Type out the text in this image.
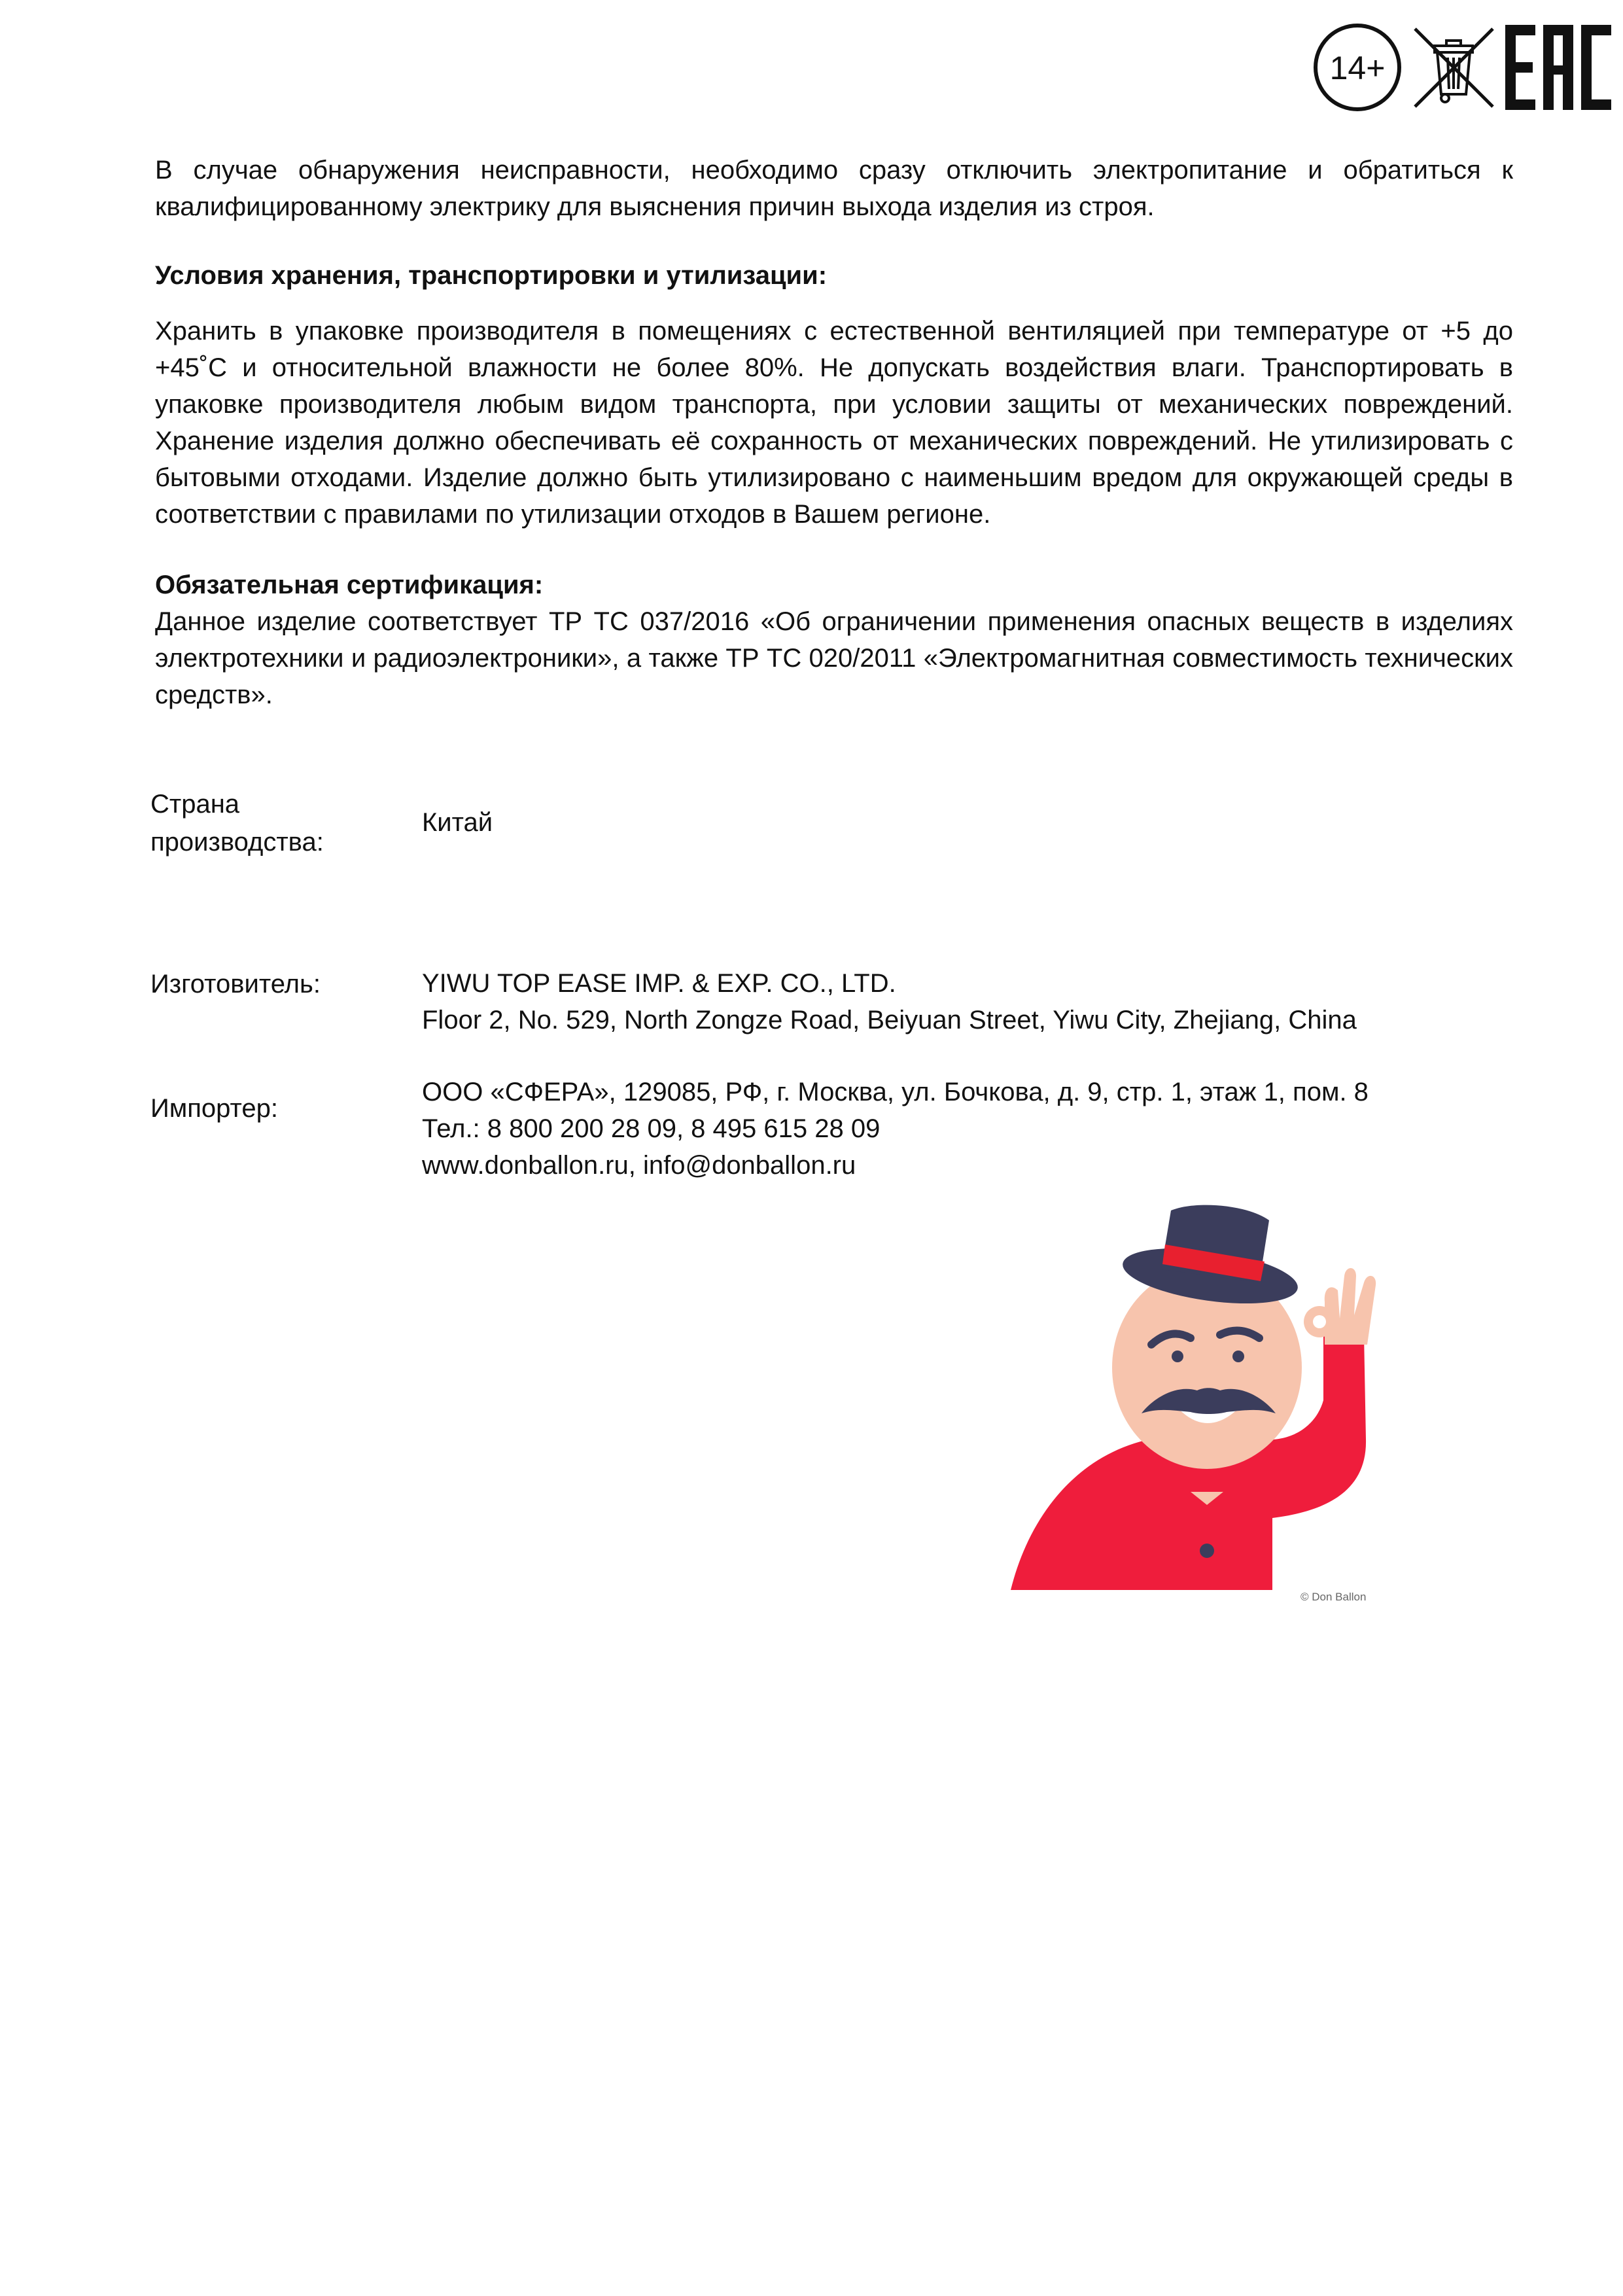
14+

В случае обнаружения неисправности, необходимо сразу отключить электропитание и обратиться к квалифицированному электрику для выяснения причин выхода изделия из строя.

Условия хранения, транспортировки и утилизации:

Хранить в упаковке производителя в помещениях с естественной вентиляцией при температуре от +5 до +45˚С и относительной влажности не более 80%. Не допускать воздействия влаги. Транспортировать в упаковке производителя любым видом транспорта, при условии защиты от механических повреждений. Хранение изделия должно обеспечивать её сохранность от механических повреждений. Не утилизировать с бытовыми отходами. Изделие должно быть утилизировано с наименьшим вредом для окружающей среды в соответствии с правилами по утилизации отходов в Вашем регионе.

Обязательная сертификация:

Данное изделие соответствует ТР ТС 037/2016 «Об ограничении применения опасных веществ в изделиях электротехники и радиоэлектроники», а также ТР ТС 020/2011 «Электромагнитная совместимость технических средств».

Страна производства:
Китай
Изготовитель:	YIWU TOP EASE IMP. & EXP. CO., LTD.
Floor 2, No. 529, North Zongze Road, Beiyuan Street, Yiwu City, Zhejiang, China
Импортер:
ООО «СФЕРА», 129085, РФ, г. Москва, ул. Бочкова, д. 9, стр. 1, этаж 1, пом. 8
Тел.: 8 800 200 28 09, 8 495 615 28 09
www.donballon.ru, info@donballon.ru
© Don Ballon
